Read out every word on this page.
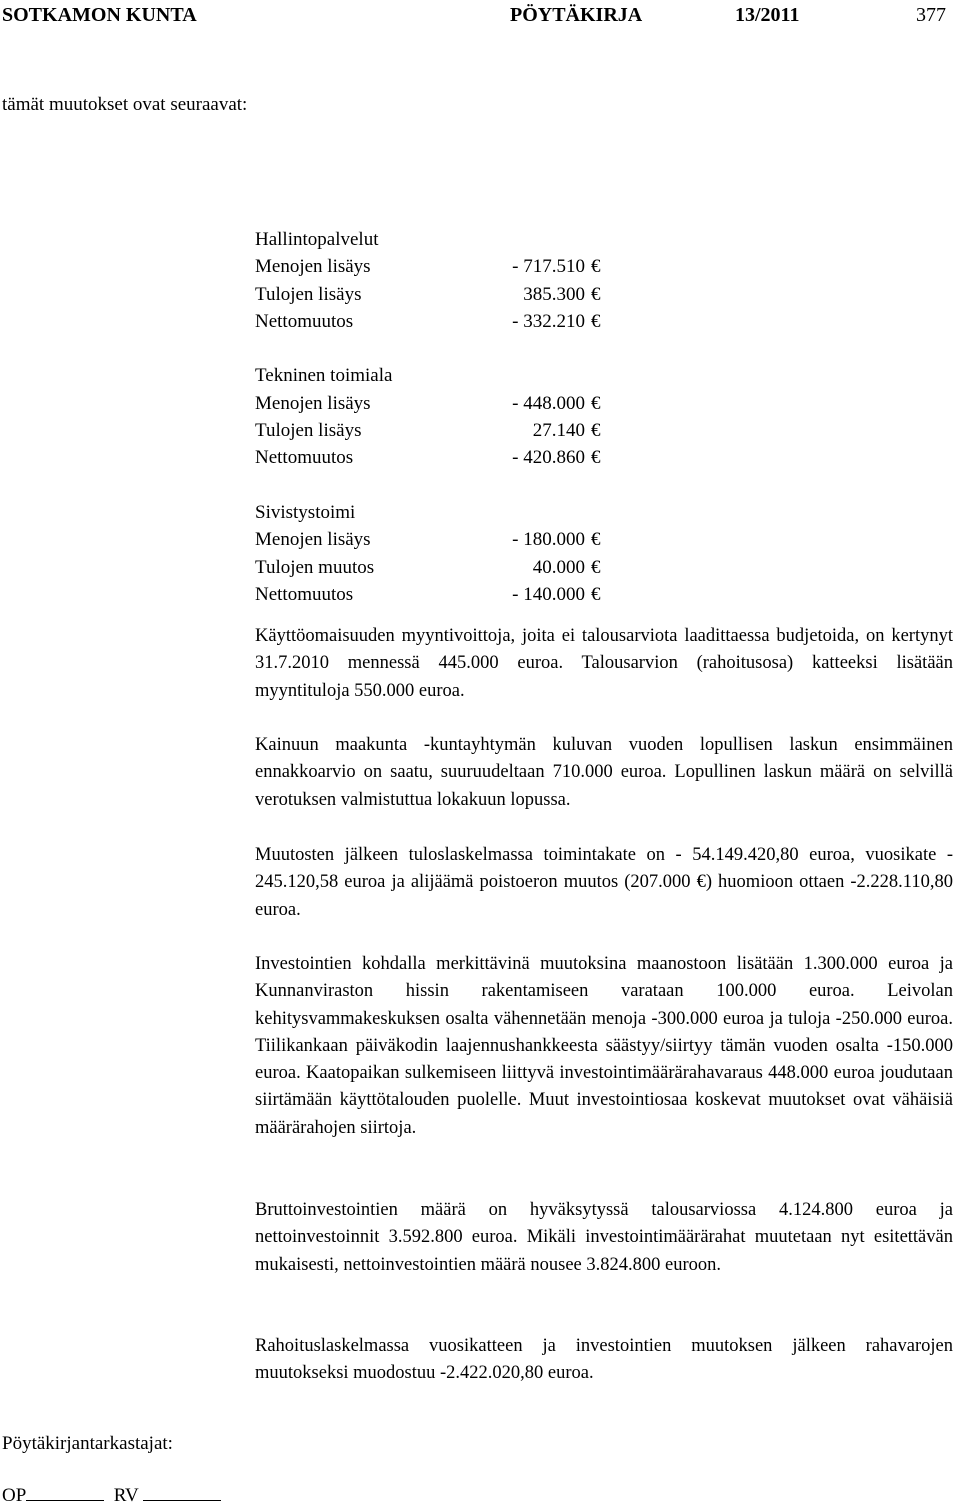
SOTKAMON KUNTA	PÖYTÄKIRJA	13/2011	377
tämät muutokset ovat seuraavat:
Hallintopalvelut
Menojen lisäys	- 717.510 €
Tulojen lisäys	385.300 €
Nettomuutos	- 332.210 €
Tekninen toimiala
Menojen lisäys	- 448.000 €
Tulojen lisäys	27.140 €
Nettomuutos	- 420.860 €
Sivistystoimi
Menojen lisäys	- 180.000 €
Tulojen muutos	40.000 €
Nettomuutos	- 140.000 €

Käyttöomaisuuden myyntivoittoja, joita ei talousarviota laadittaessa budjetoida, on kertynyt 31.7.2010 mennessä 445.000 euroa. Talousarvion (rahoitusosa) katteeksi lisätään myyntituloja 550.000 euroa.

Kainuun maakunta -kuntayhtymän kuluvan vuoden lopullisen laskun ensimmäinen ennakkoarvio on saatu, suuruudeltaan 710.000 euroa. Lopullinen laskun määrä on selvillä verotuksen valmistuttua lokakuun lopussa.

Muutosten jälkeen tuloslaskelmassa toimintakate on - 54.149.420,80 euroa, vuosikate - 245.120,58 euroa ja alijäämä poistoeron muutos (207.000 €) huomioon ottaen -2.228.110,80 euroa.

Investointien kohdalla merkittävinä muutoksina maanostoon lisätään 1.300.000 euroa ja Kunnanviraston hissin rakentamiseen varataan 100.000 euroa. Leivolan kehitysvammakeskuksen osalta vähennetään menoja -300.000 euroa ja tuloja -250.000 euroa. Tiilikankaan päiväkodin laajennushankkeesta säästyy/siirtyy tämän vuoden osalta -150.000 euroa. Kaatopaikan sulkemiseen liittyvä investointimäärärahavaraus 448.000 euroa joudutaan siirtämään käyttötalouden puolelle. Muut investointiosaa koskevat muutokset ovat vähäisiä määrärahojen siirtoja.

Bruttoinvestointien määrä on hyväksytyssä talousarviossa 4.124.800 euroa ja nettoinvestoinnit 3.592.800 euroa. Mikäli investointimäärärahat muutetaan nyt esitettävän mukaisesti, nettoinvestointien määrä nousee 3.824.800 euroon.

Rahoituslaskelmassa vuosikatteen ja investointien muutoksen jälkeen rahavarojen muutokseksi muodostuu -2.422.020,80 euroa.

Pöytäkirjantarkastajat:
OP	RV
